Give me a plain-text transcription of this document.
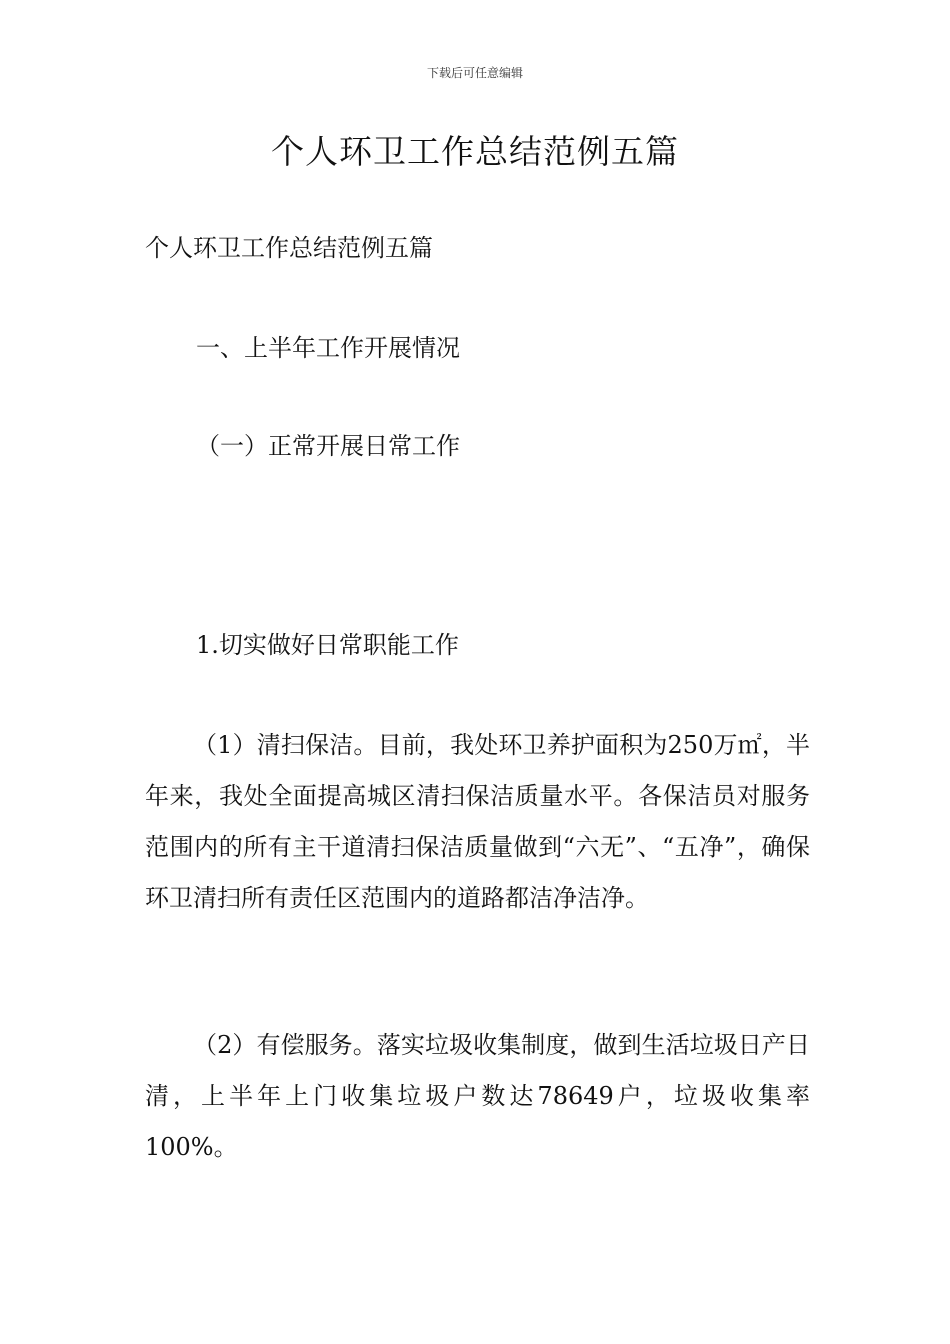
下载后可任意编辑
个人环卫工作总结范例五篇
个人环卫工作总结范例五篇
一、上半年工作开展情况
（一）正常开展日常工作
1.切实做好日常职能工作
（1）清扫保洁。目前，我处环卫养护面积为250万㎡，半年来，我处全面提高城区清扫保洁质量水平。各保洁员对服务范围内的所有主干道清扫保洁质量做到“六无”、“五净”，确保环卫清扫所有责任区范围内的道路都洁净洁净。
（2）有偿服务。落实垃圾收集制度，做到生活垃圾日产日清，上半年上门收集垃圾户数达78649户，垃圾收集率100%。
